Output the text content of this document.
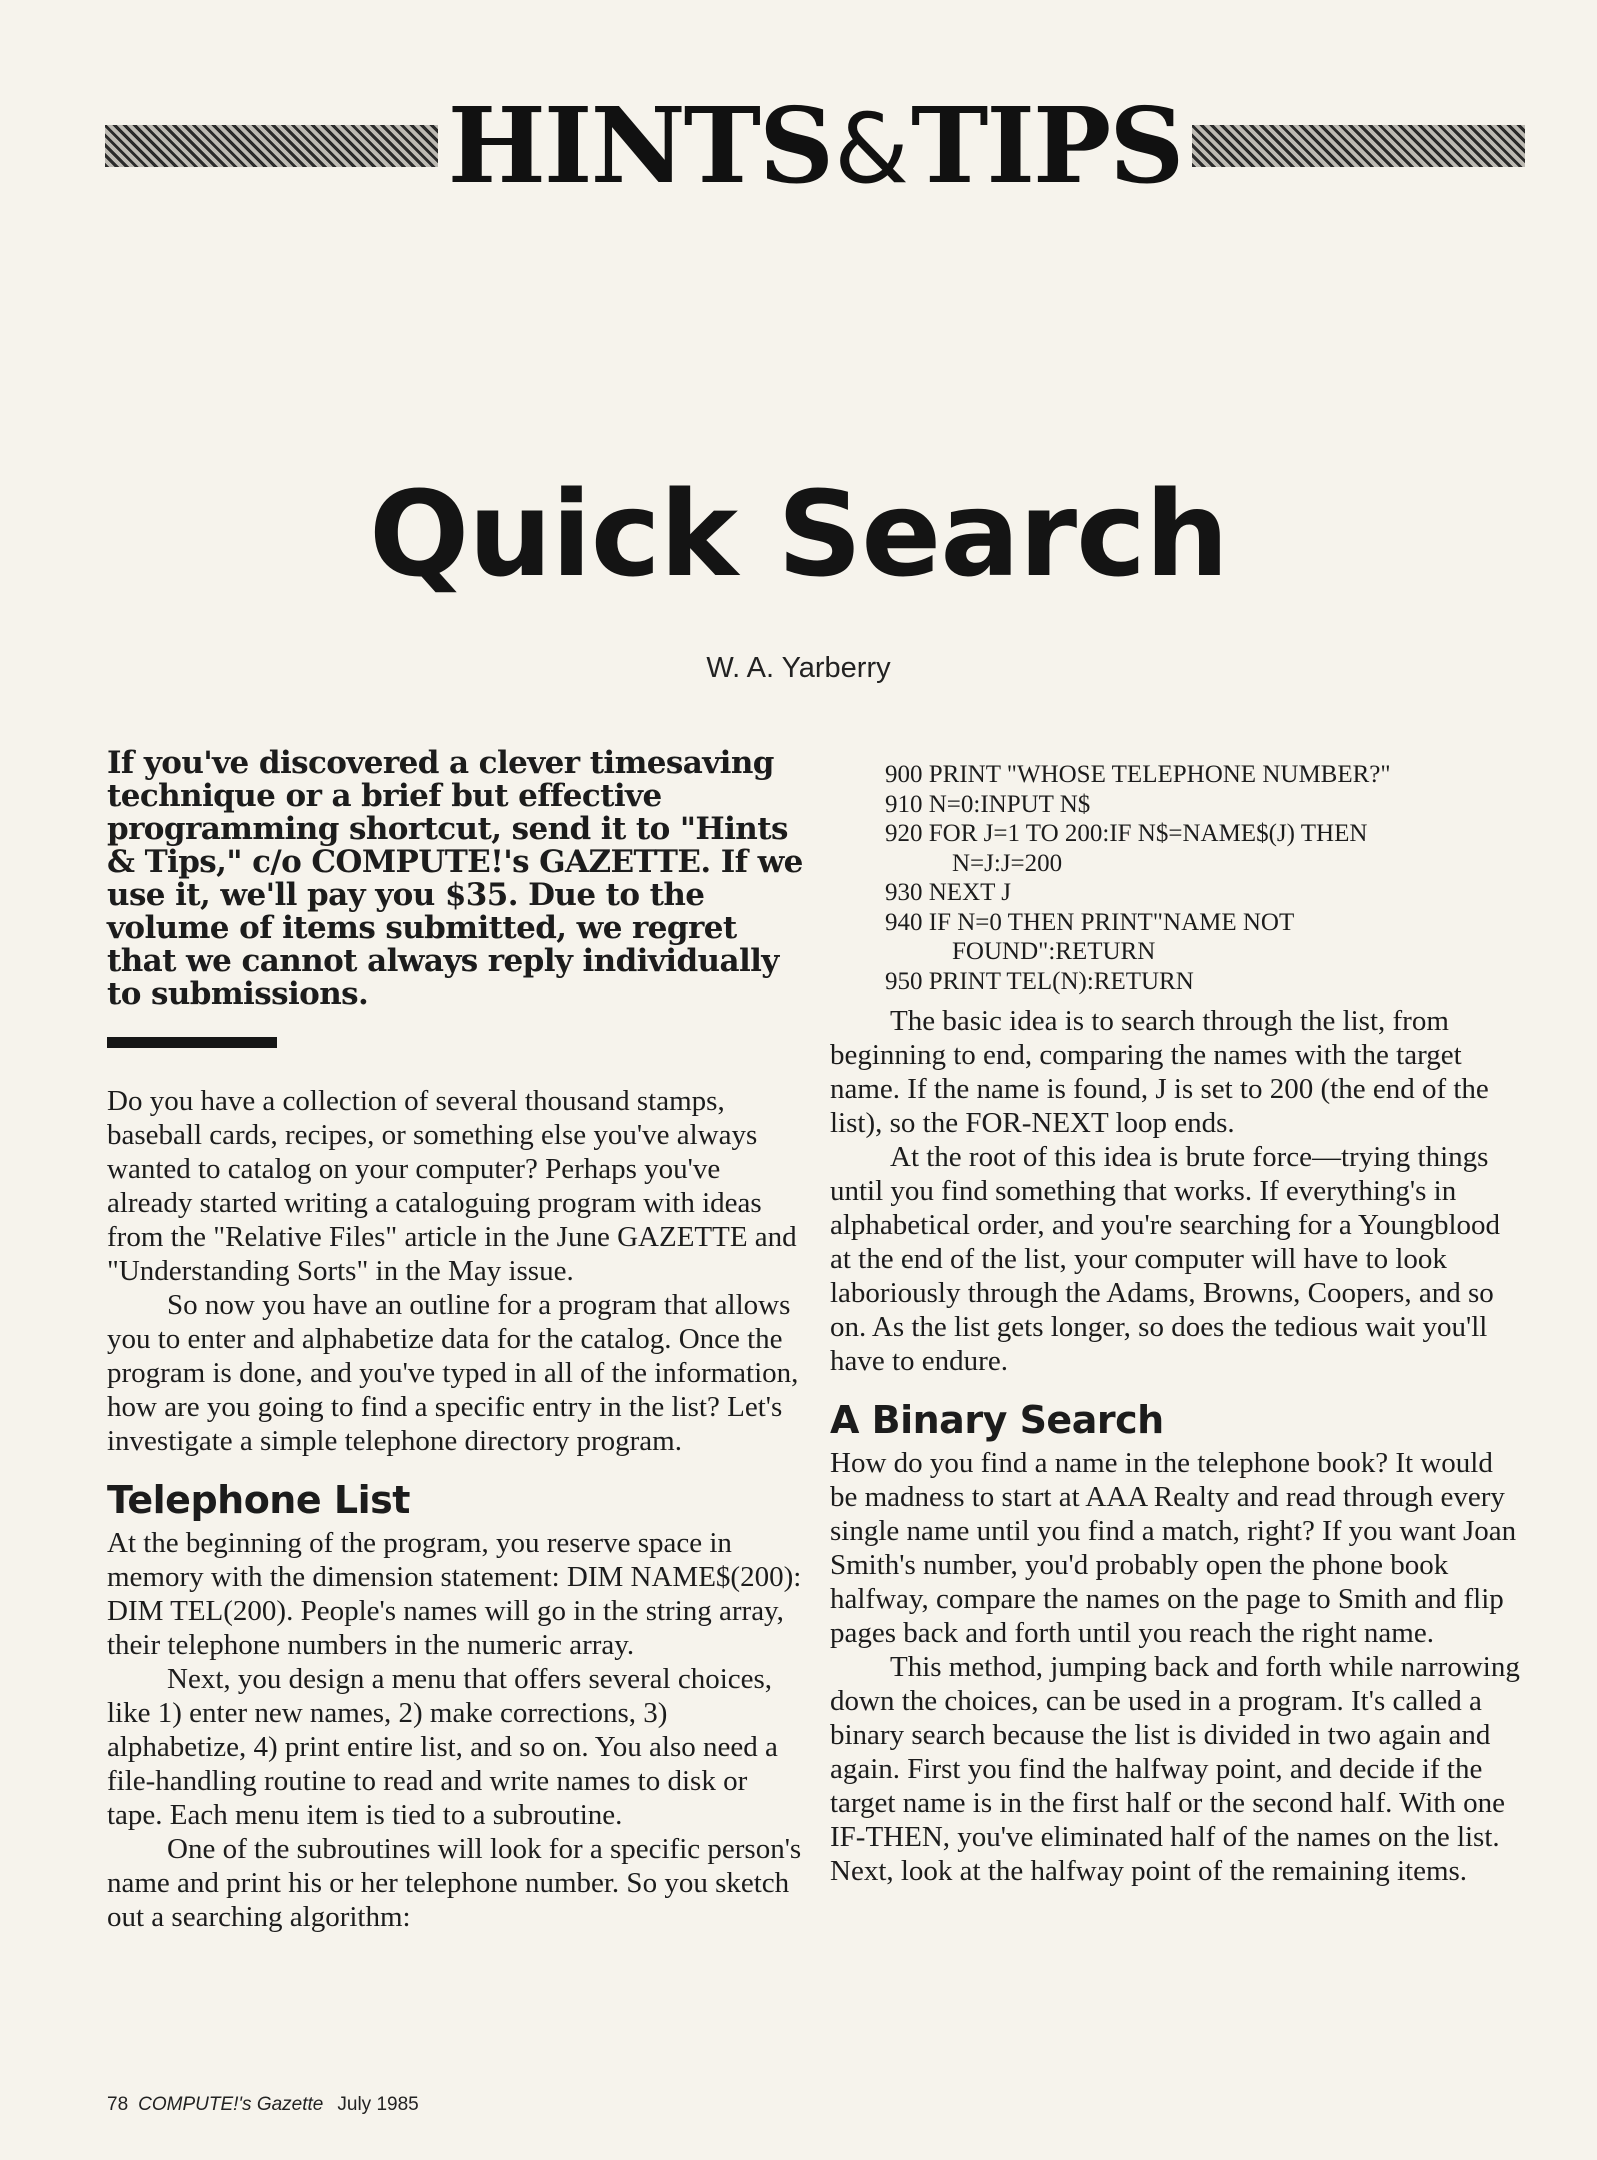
HINTS & TIPS
Quick Search
W. A. Yarberry

If you've discovered a clever timesaving technique or a brief but effective programming shortcut, send it to "Hints & Tips," c/o COMPUTE!'s GAZETTE. If we use it, we'll pay you $35. Due to the volume of items submitted, we regret that we cannot always reply individually to submissions.

Do you have a collection of several thousand stamps, baseball cards, recipes, or something else you've always wanted to catalog on your computer? Perhaps you've already started writing a cataloguing program with ideas from the "Relative Files" article in the June GAZETTE and "Understanding Sorts" in the May issue.

So now you have an outline for a program that allows you to enter and alphabetize data for the catalog. Once the program is done, and you've typed in all of the information, how are you going to find a specific entry in the list? Let's investigate a simple telephone directory program.

Telephone List

At the beginning of the program, you reserve space in memory with the dimension statement: DIM NAME$(200): DIM TEL(200). People's names will go in the string array, their telephone numbers in the numeric array.

Next, you design a menu that offers several choices, like 1) enter new names, 2) make corrections, 3) alphabetize, 4) print entire list, and so on. You also need a file-handling routine to read and write names to disk or tape. Each menu item is tied to a subroutine.

One of the subroutines will look for a specific person's name and print his or her telephone number. So you sketch out a searching algorithm:

900 PRINT "WHOSE TELEPHONE NUMBER?"
910 N=0:INPUT N$
920 FOR J=1 TO 200:IF N$=NAME$(J) THEN
N=J:J=200
930 NEXT J
940 IF N=0 THEN PRINT"NAME NOT
FOUND":RETURN
950 PRINT TEL(N):RETURN

The basic idea is to search through the list, from beginning to end, comparing the names with the target name. If the name is found, J is set to 200 (the end of the list), so the FOR-NEXT loop ends.

At the root of this idea is brute force—trying things until you find something that works. If everything's in alphabetical order, and you're searching for a Youngblood at the end of the list, your computer will have to look laboriously through the Adams, Browns, Coopers, and so on. As the list gets longer, so does the tedious wait you'll have to endure.

A Binary Search

How do you find a name in the telephone book? It would be madness to start at AAA Realty and read through every single name until you find a match, right? If you want Joan Smith's number, you'd probably open the phone book halfway, compare the names on the page to Smith and flip pages back and forth until you reach the right name.

This method, jumping back and forth while narrowing down the choices, can be used in a program. It's called a binary search because the list is divided in two again and again. First you find the halfway point, and decide if the target name is in the first half or the second half. With one IF-THEN, you've eliminated half of the names on the list. Next, look at the halfway point of the remaining items.

78 COMPUTE!'s Gazette July 1985
